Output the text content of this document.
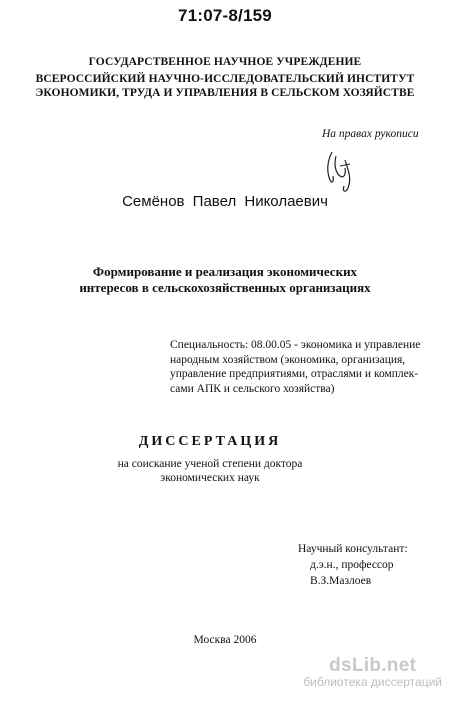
71:07-8/159
ГОСУДАРСТВЕННОЕ НАУЧНОЕ УЧРЕЖДЕНИЕ
ВСЕРОССИЙСКИЙ НАУЧНО-ИССЛЕДОВАТЕЛЬСКИЙ ИНСТИТУТ
ЭКОНОМИКИ, ТРУДА И УПРАВЛЕНИЯ В СЕЛЬСКОМ ХОЗЯЙСТВЕ
На правах рукописи
Семёнов Павел Николаевич
Формирование и реализация экономических
интересов в сельскохозяйственных организациях
Специальность: 08.00.05 - экономика и управление
народным хозяйством (экономика, организация,
управление предприятиями, отраслями и комплек-
сами АПК и сельского хозяйства)
ДИССЕРТАЦИЯ
на соискание ученой степени доктора
экономических наук
Научный консультант:
д.э.н., профессор
В.З.Мазлоев
Москва 2006
dsLib.net
библиотека диссертаций
